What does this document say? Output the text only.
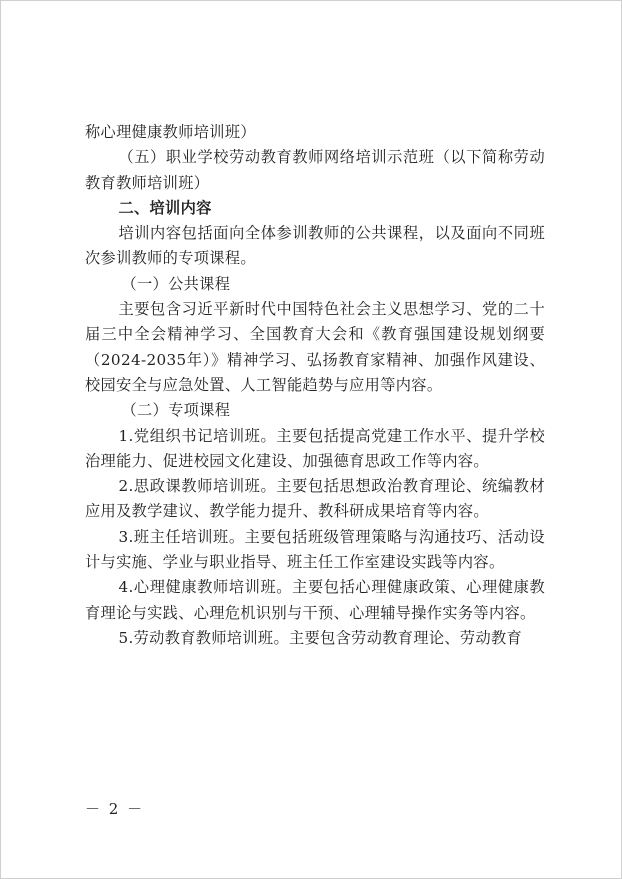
称心理健康教师培训班）

（五）职业学校劳动教育教师网络培训示范班（以下简称劳动教育教师培训班）

二、培训内容

培训内容包括面向全体参训教师的公共课程，以及面向不同班次参训教师的专项课程。

（一）公共课程

主要包含习近平新时代中国特色社会主义思想学习、党的二十届三中全会精神学习、全国教育大会和《教育强国建设规划纲要（2024-2035年）》精神学习、弘扬教育家精神、加强作风建设、校园安全与应急处置、人工智能趋势与应用等内容。

（二）专项课程

1.党组织书记培训班。主要包括提高党建工作水平、提升学校治理能力、促进校园文化建设、加强德育思政工作等内容。

2.思政课教师培训班。主要包括思想政治教育理论、统编教材应用及教学建议、教学能力提升、教科研成果培育等内容。

3.班主任培训班。主要包括班级管理策略与沟通技巧、活动设计与实施、学业与职业指导、班主任工作室建设实践等内容。

4.心理健康教师培训班。主要包括心理健康政策、心理健康教育理论与实践、心理危机识别与干预、心理辅导操作实务等内容。

5.劳动教育教师培训班。主要包含劳动教育理论、劳动教育

－ 2 －
